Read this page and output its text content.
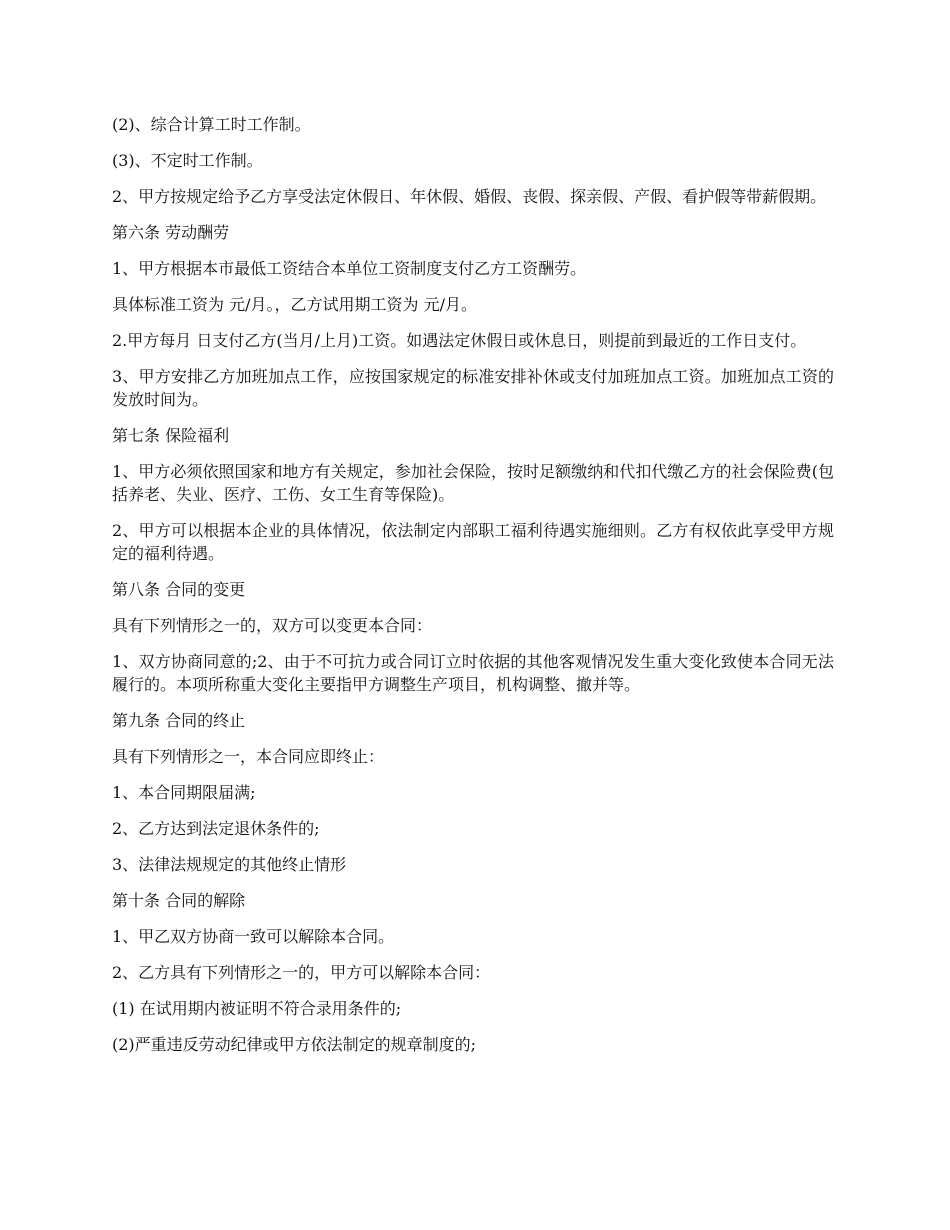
(2)、综合计算工时工作制。

(3)、不定时工作制。

2、甲方按规定给予乙方享受法定休假日、年休假、婚假、丧假、探亲假、产假、看护假等带薪假期。

第六条 劳动酬劳

1、甲方根据本市最低工资结合本单位工资制度支付乙方工资酬劳。

具体标准工资为 元/月。，乙方试用期工资为 元/月。

2.甲方每月 日支付乙方(当月/上月)工资。如遇法定休假日或休息日，则提前到最近的工作日支付。

3、甲方安排乙方加班加点工作，应按国家规定的标准安排补休或支付加班加点工资。加班加点工资的发放时间为。

第七条 保险福利

1、甲方必须依照国家和地方有关规定，参加社会保险，按时足额缴纳和代扣代缴乙方的社会保险费(包括养老、失业、医疗、工伤、女工生育等保险)。

2、甲方可以根据本企业的具体情况，依法制定内部职工福利待遇实施细则。乙方有权依此享受甲方规定的福利待遇。

第八条 合同的变更

具有下列情形之一的，双方可以变更本合同：

1、双方协商同意的;2、由于不可抗力或合同订立时依据的其他客观情况发生重大变化致使本合同无法履行的。本项所称重大变化主要指甲方调整生产项目，机构调整、撤并等。

第九条 合同的终止

具有下列情形之一，本合同应即终止：

1、本合同期限届满;

2、乙方达到法定退休条件的;

3、法律法规规定的其他终止情形

第十条 合同的解除

1、甲乙双方协商一致可以解除本合同。

2、乙方具有下列情形之一的，甲方可以解除本合同：

(1) 在试用期内被证明不符合录用条件的;

(2)严重违反劳动纪律或甲方依法制定的规章制度的;
